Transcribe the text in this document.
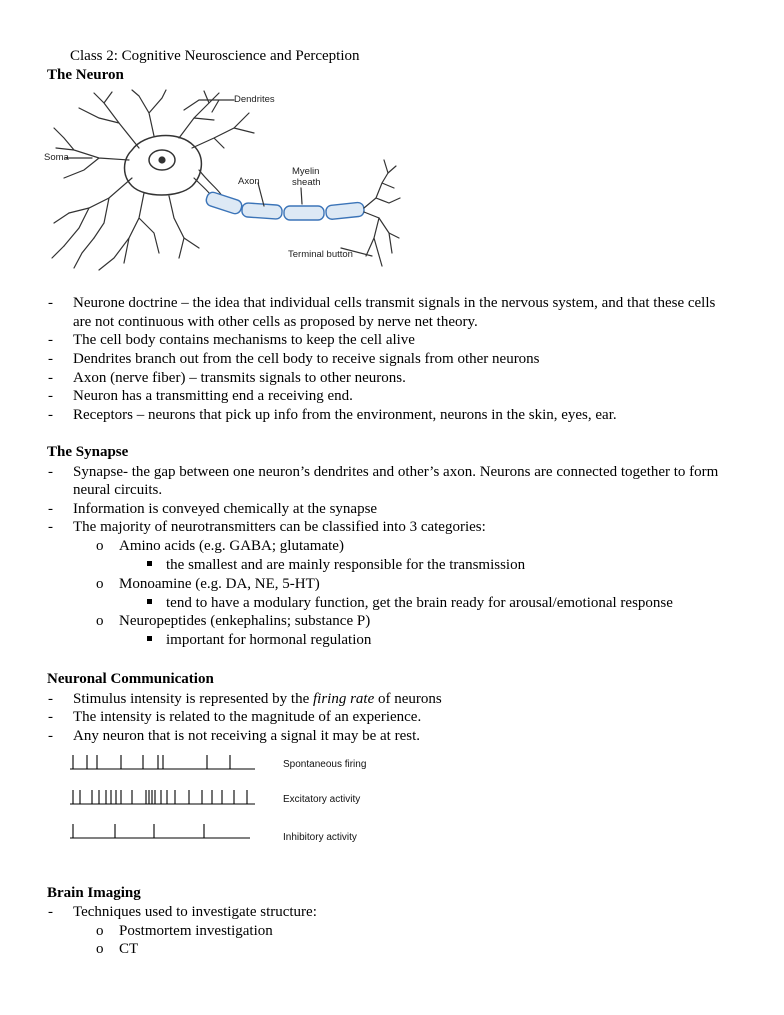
Class 2: Cognitive Neuroscience and Perception
The Neuron
Dendrites
Soma
Axon
Myelin
sheath
Terminal button
- Neurone doctrine – the idea that individual cells transmit signals in the nervous system, and that these cells
are not continuous with other cells as proposed by nerve net theory.
- The cell body contains mechanisms to keep the cell alive
- Dendrites branch out from the cell body to receive signals from other neurons
- Axon (nerve fiber) – transmits signals to other neurons.
- Neuron has a transmitting end a receiving end.
- Receptors – neurons that pick up info from the environment, neurons in the skin, eyes, ear.
The Synapse
- Synapse- the gap between one neuron’s dendrites and other’s axon. Neurons are connected together to form
neural circuits.
- Information is conveyed chemically at the synapse
- The majority of neurotransmitters can be classified into 3 categories:
o Amino acids (e.g. GABA; glutamate)
the smallest and are mainly responsible for the transmission
o Monoamine (e.g. DA, NE, 5-HT)
tend to have a modulary function, get the brain ready for arousal/emotional response
o Neuropeptides (enkephalins; substance P)
important for hormonal regulation
Neuronal Communication
- Stimulus intensity is represented by the firing rate of neurons
- The intensity is related to the magnitude of an experience.
- Any neuron that is not receiving a signal it may be at rest.
Spontaneous firing
Excitatory activity
Inhibitory activity
Brain Imaging
- Techniques used to investigate structure:
o Postmortem investigation
o CT
